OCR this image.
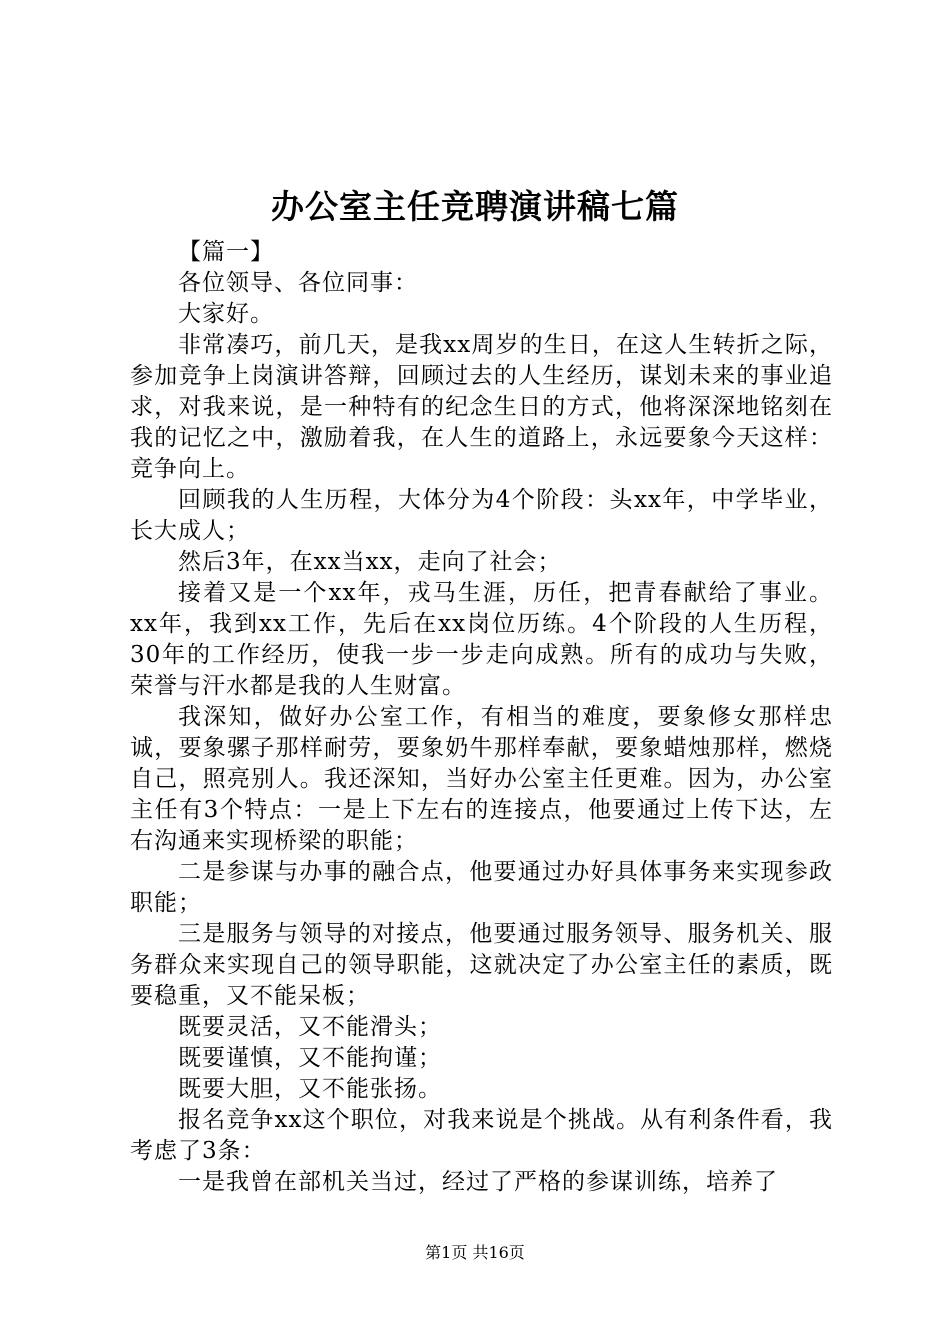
办公室主任竞聘演讲稿七篇

【篇一】

各位领导、各位同事：

大家好。

非常凑巧，前几天，是我xx周岁的生日，在这人生转折之际，参加竞争上岗演讲答辩，回顾过去的人生经历，谋划未来的事业追求，对我来说，是一种特有的纪念生日的方式，他将深深地铭刻在我的记忆之中，激励着我，在人生的道路上，永远要象今天这样：竞争向上。

回顾我的人生历程，大体分为4个阶段：头xx年，中学毕业，长大成人；

然后3年，在xx当xx，走向了社会；

接着又是一个xx年，戎马生涯，历任，把青春献给了事业。xx年，我到xx工作，先后在xx岗位历练。4个阶段的人生历程，30年的工作经历，使我一步一步走向成熟。所有的成功与失败，荣誉与汗水都是我的人生财富。

我深知，做好办公室工作，有相当的难度，要象修女那样忠诚，要象骡子那样耐劳，要象奶牛那样奉献，要象蜡烛那样，燃烧自己，照亮别人。我还深知，当好办公室主任更难。因为，办公室主任有3个特点：一是上下左右的连接点，他要通过上传下达，左右沟通来实现桥梁的职能；

二是参谋与办事的融合点，他要通过办好具体事务来实现参政职能；

三是服务与领导的对接点，他要通过服务领导、服务机关、服务群众来实现自己的领导职能，这就决定了办公室主任的素质，既要稳重，又不能呆板；

既要灵活，又不能滑头；

既要谨慎，又不能拘谨；

既要大胆，又不能张扬。

报名竞争xx这个职位，对我来说是个挑战。从有利条件看，我考虑了3条：

一是我曾在部机关当过，经过了严格的参谋训练，培养了

第1页 共16页
